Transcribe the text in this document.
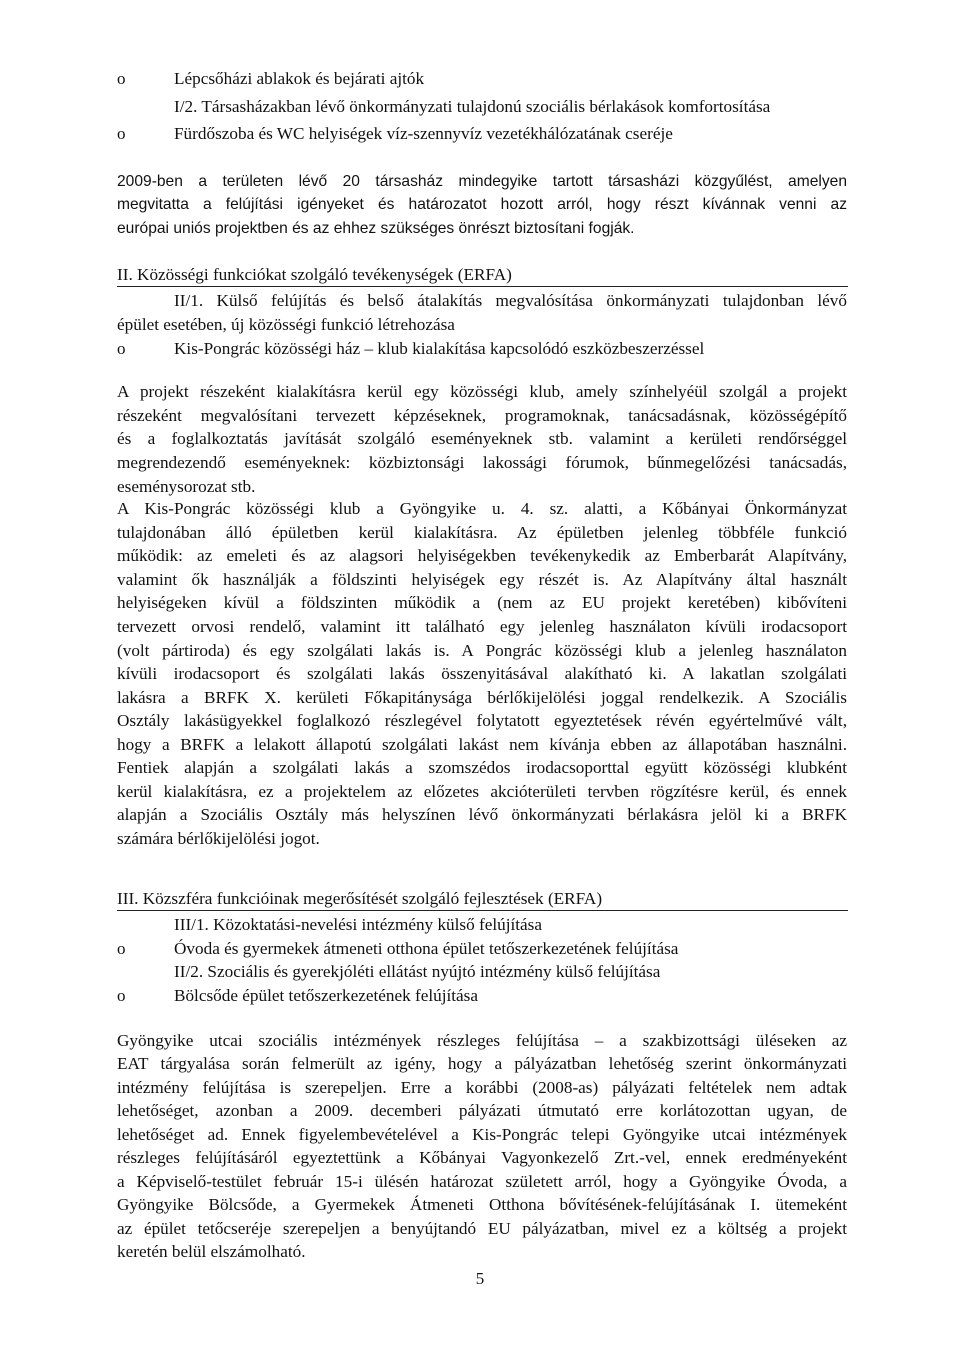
o	Lépcsőházi ablakok és bejárati ajtók
I/2. Társasházakban lévő önkormányzati tulajdonú szociális bérlakások komfortosítása
o	Fürdőszoba és WC helyiségek víz-szennyvíz vezetékhálózatának cseréje
2009-ben a területen lévő 20 társasház mindegyike tartott társasházi közgyűlést, amelyen
megvitatta a felújítási igényeket és határozatot hozott arról, hogy részt kívánnak venni az
európai uniós projektben és az ehhez szükséges önrészt biztosítani fogják.
II. Közösségi funkciókat szolgáló tevékenységek (ERFA)
II/1. Külső felújítás és belső átalakítás megvalósítása önkormányzati tulajdonban lévő
épület esetében, új közösségi funkció létrehozása
o	Kis-Pongrác közösségi ház – klub kialakítása kapcsolódó eszközbeszerzéssel
A projekt részeként kialakításra kerül egy közösségi klub, amely színhelyéül szolgál a projekt
részeként megvalósítani tervezett képzéseknek, programoknak, tanácsadásnak, közösségépítő
és a foglalkoztatás javítását szolgáló eseményeknek stb. valamint a kerületi rendőrséggel
megrendezendő eseményeknek: közbiztonsági lakossági fórumok, bűnmegelőzési tanácsadás,
eseménysorozat stb.
A Kis-Pongrác közösségi klub a Gyöngyike u. 4. sz. alatti, a Kőbányai Önkormányzat
tulajdonában álló épületben kerül kialakításra. Az épületben jelenleg többféle funkció
működik: az emeleti és az alagsori helyiségekben tevékenykedik az Emberbarát Alapítvány,
valamint ők használják a földszinti helyiségek egy részét is. Az Alapítvány által használt
helyiségeken kívül a földszinten működik a (nem az EU projekt keretében) kibővíteni
tervezett orvosi rendelő, valamint itt található egy jelenleg használaton kívüli irodacsoport
(volt pártiroda) és egy szolgálati lakás is. A Pongrác közösségi klub a jelenleg használaton
kívüli irodacsoport és szolgálati lakás összenyitásával alakítható ki. A lakatlan szolgálati
lakásra a BRFK X. kerületi Főkapitánysága bérlőkijelölési joggal rendelkezik. A Szociális
Osztály lakásügyekkel foglalkozó részlegével folytatott egyeztetések révén egyértelművé vált,
hogy a BRFK a lelakott állapotú szolgálati lakást nem kívánja ebben az állapotában használni.
Fentiek alapján a szolgálati lakás a szomszédos irodacsoporttal együtt közösségi klubként
kerül kialakításra, ez a projektelem az előzetes akcióterületi tervben rögzítésre kerül, és ennek
alapján a Szociális Osztály más helyszínen lévő önkormányzati bérlakásra jelöl ki a BRFK
számára bérlőkijelölési jogot.
III. Közszféra funkcióinak megerősítését szolgáló fejlesztések (ERFA)
III/1. Közoktatási-nevelési intézmény külső felújítása
o	Óvoda és gyermekek átmeneti otthona épület tetőszerkezetének felújítása
II/2. Szociális és gyerekjóléti ellátást nyújtó intézmény külső felújítása
o	Bölcsőde épület tetőszerkezetének felújítása
Gyöngyike utcai szociális intézmények részleges felújítása – a szakbizottsági üléseken az
EAT tárgyalása során felmerült az igény, hogy a pályázatban lehetőség szerint önkormányzati
intézmény felújítása is szerepeljen. Erre a korábbi (2008-as) pályázati feltételek nem adtak
lehetőséget, azonban a 2009. decemberi pályázati útmutató erre korlátozottan ugyan, de
lehetőséget ad. Ennek figyelembevételével a Kis-Pongrác telepi Gyöngyike utcai intézmények
részleges felújításáról egyeztettünk a Kőbányai Vagyonkezelő Zrt.-vel, ennek eredményeként
a Képviselő-testület február 15-i ülésén határozat született arról, hogy a Gyöngyike Óvoda, a
Gyöngyike Bölcsőde, a Gyermekek Átmeneti Otthona bővítésének-felújításának I. ütemeként
az épület tetőcseréje szerepeljen a benyújtandó EU pályázatban, mivel ez a költség a projekt
keretén belül elszámolható.
5
